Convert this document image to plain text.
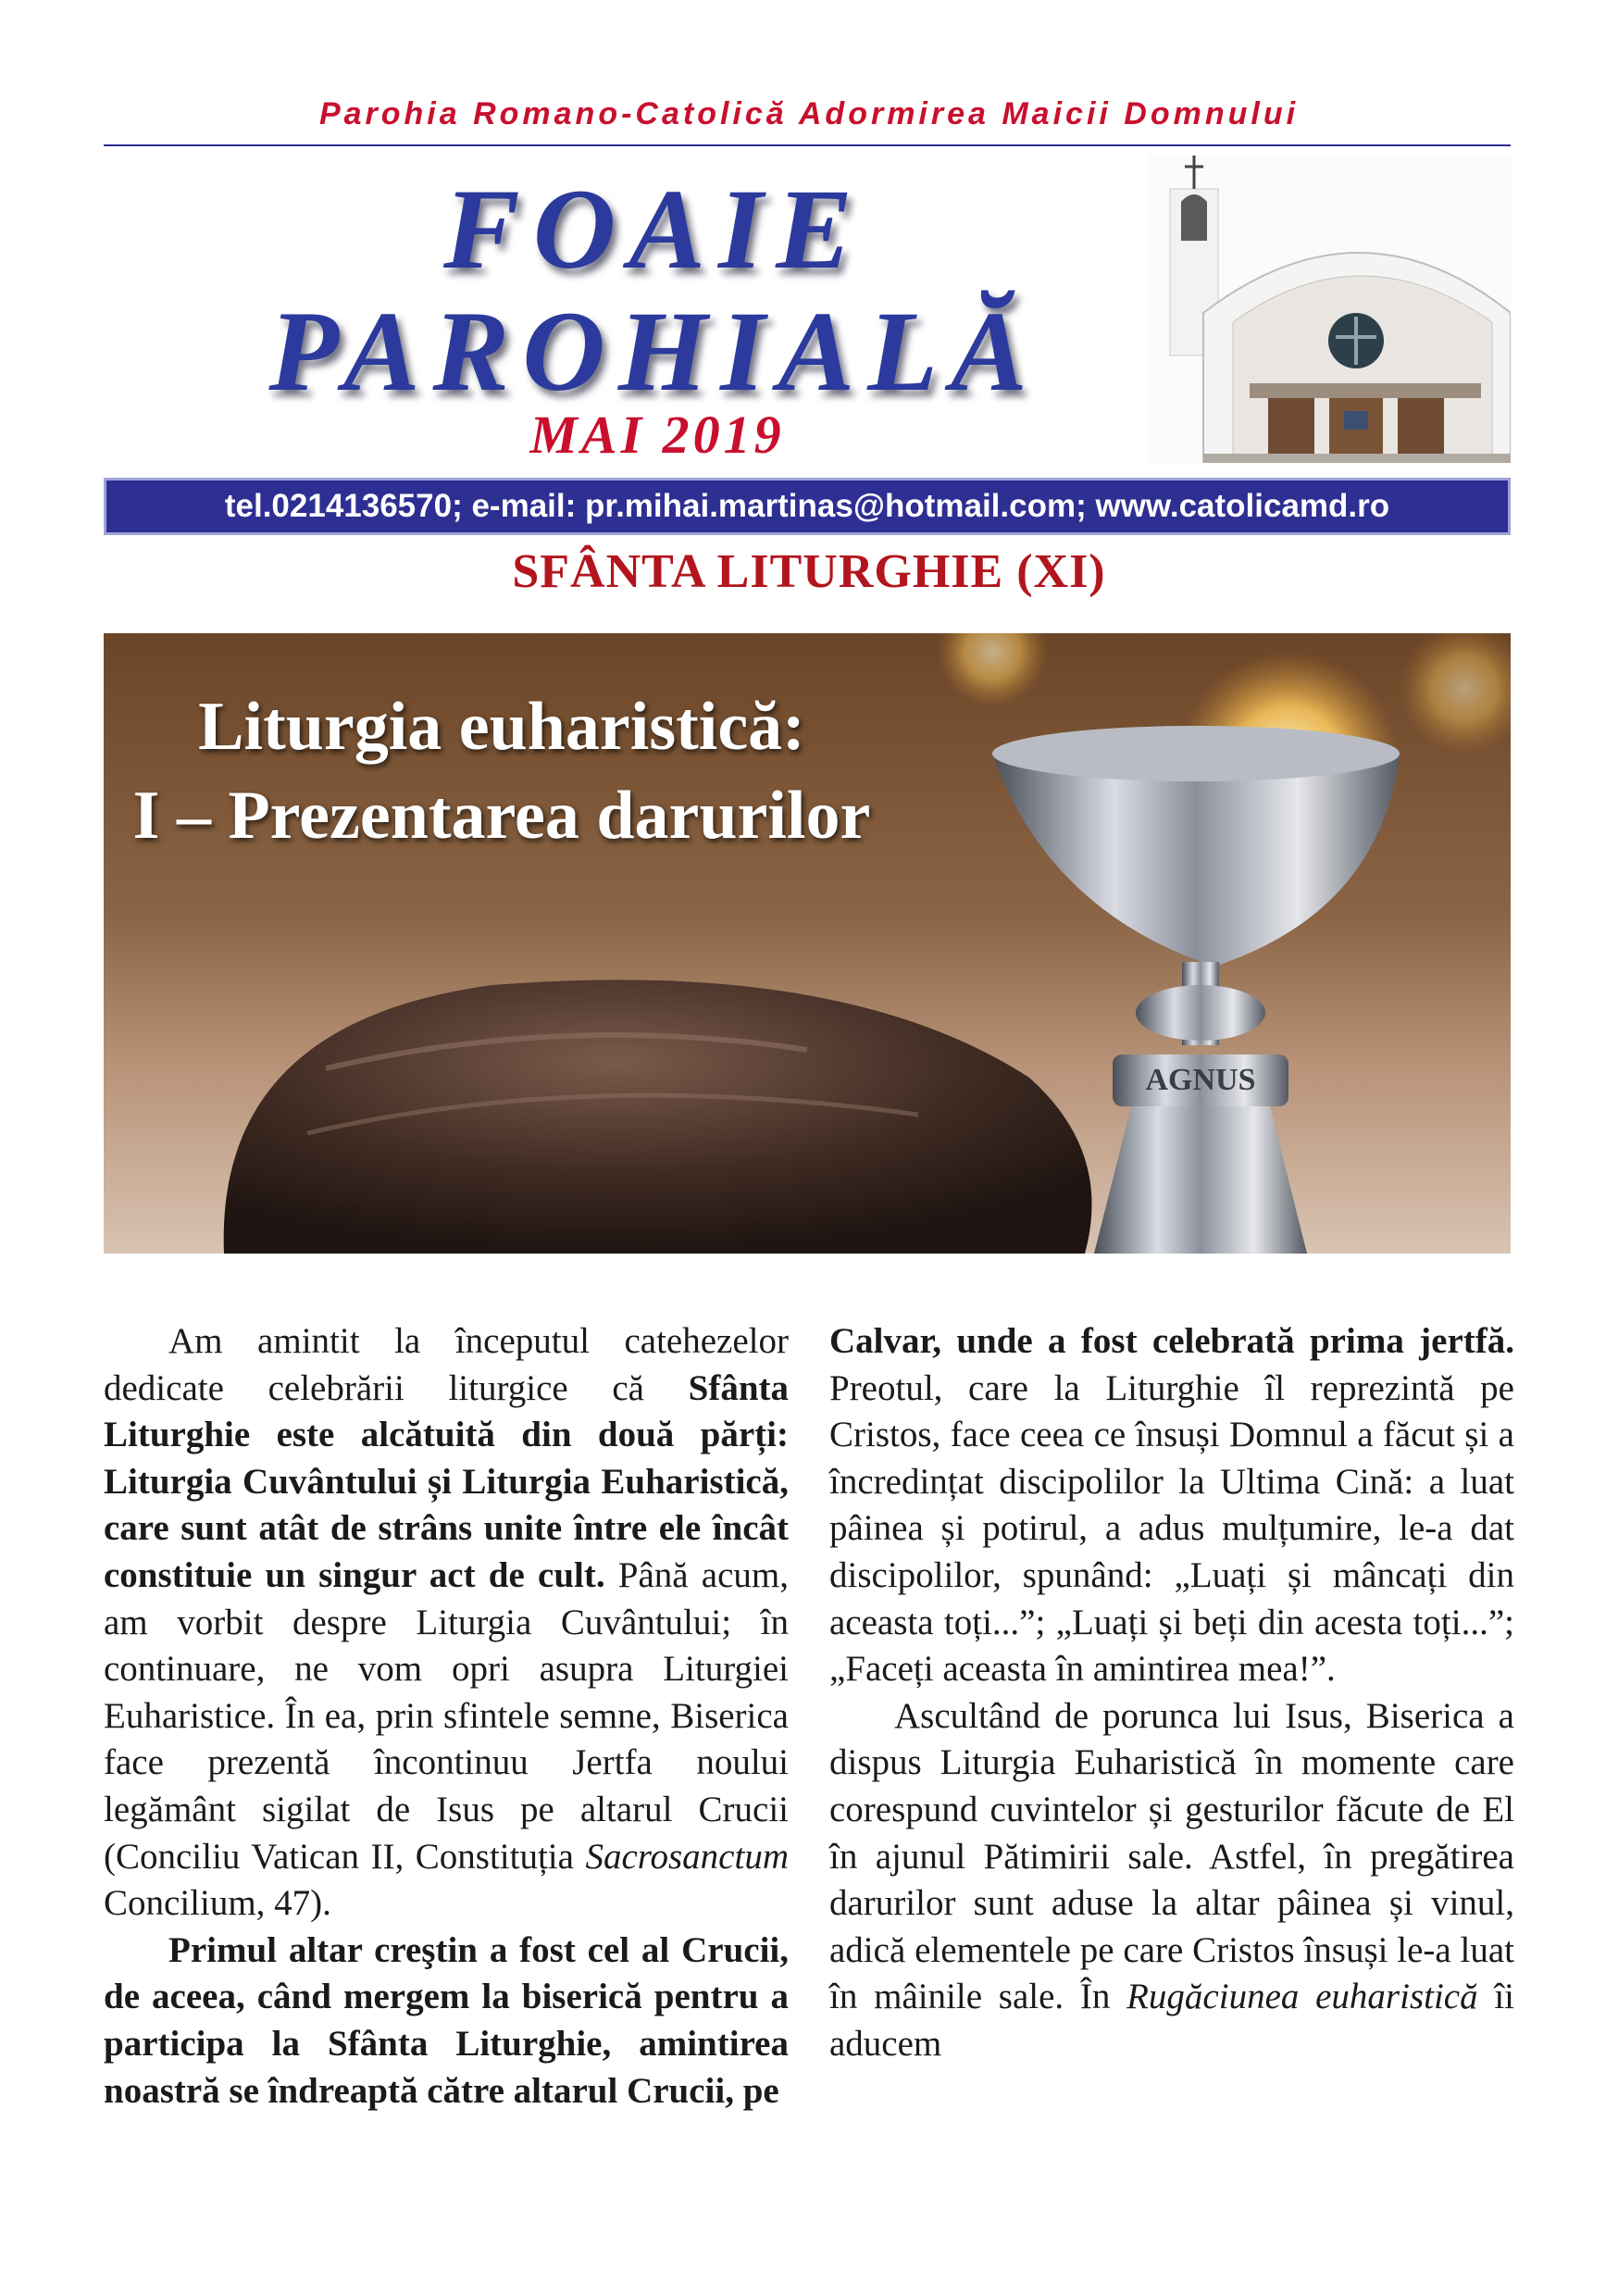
Parohia Romano-Catolică Adormirea Maicii Domnului
FOAIE
PAROHIALĂ
MAI 2019
tel.0214136570; e-mail: pr.mihai.martinas@hotmail.com; www.catolicamd.ro
SFÂNTA LITURGHIE (XI)
AGNUS
Liturgia euharistică:
I – Prezentarea darurilor

Am amintit la începutul catehezelor dedicate celebrării liturgice că Sfânta Liturghie este alcătuită din două părți: Liturgia Cuvântului și Liturgia Euharistică, care sunt atât de strâns unite între ele încât constituie un singur act de cult. Până acum, am vorbit despre Liturgia Cuvântului; în continuare, ne vom opri asupra Liturgiei Euharistice. În ea, prin sfintele semne, Biserica face prezentă încontinuu Jertfa noului legământ sigilat de Isus pe altarul Crucii (Conciliu Vatican II, Constituția Sacrosanctum Concilium, 47).

Primul altar creştin a fost cel al Crucii, de aceea, când mergem la biserică pentru a participa la Sfânta Liturghie, amintirea noastră se îndreaptă către altarul Crucii, pe

Calvar, unde a fost celebrată prima jertfă. Preotul, care la Liturghie îl reprezintă pe Cristos, face ceea ce însuși Domnul a făcut și a încredințat discipolilor la Ultima Cină: a luat pâinea și potirul, a adus mulțumire, le-a dat discipolilor, spunând: „Luați și mâncați din aceasta toți...”; „Luați și beți din acesta toți...”; „Faceți aceasta în amintirea mea!”.

Ascultând de porunca lui Isus, Biserica a dispus Liturgia Euharistică în momente care corespund cuvintelor și gesturilor făcute de El în ajunul Pătimirii sale. Astfel, în pregătirea darurilor sunt aduse la altar pâinea și vinul, adică elementele pe care Cristos însuși le-a luat în mâinile sale. În Rugăciunea euharistică îi aducem
